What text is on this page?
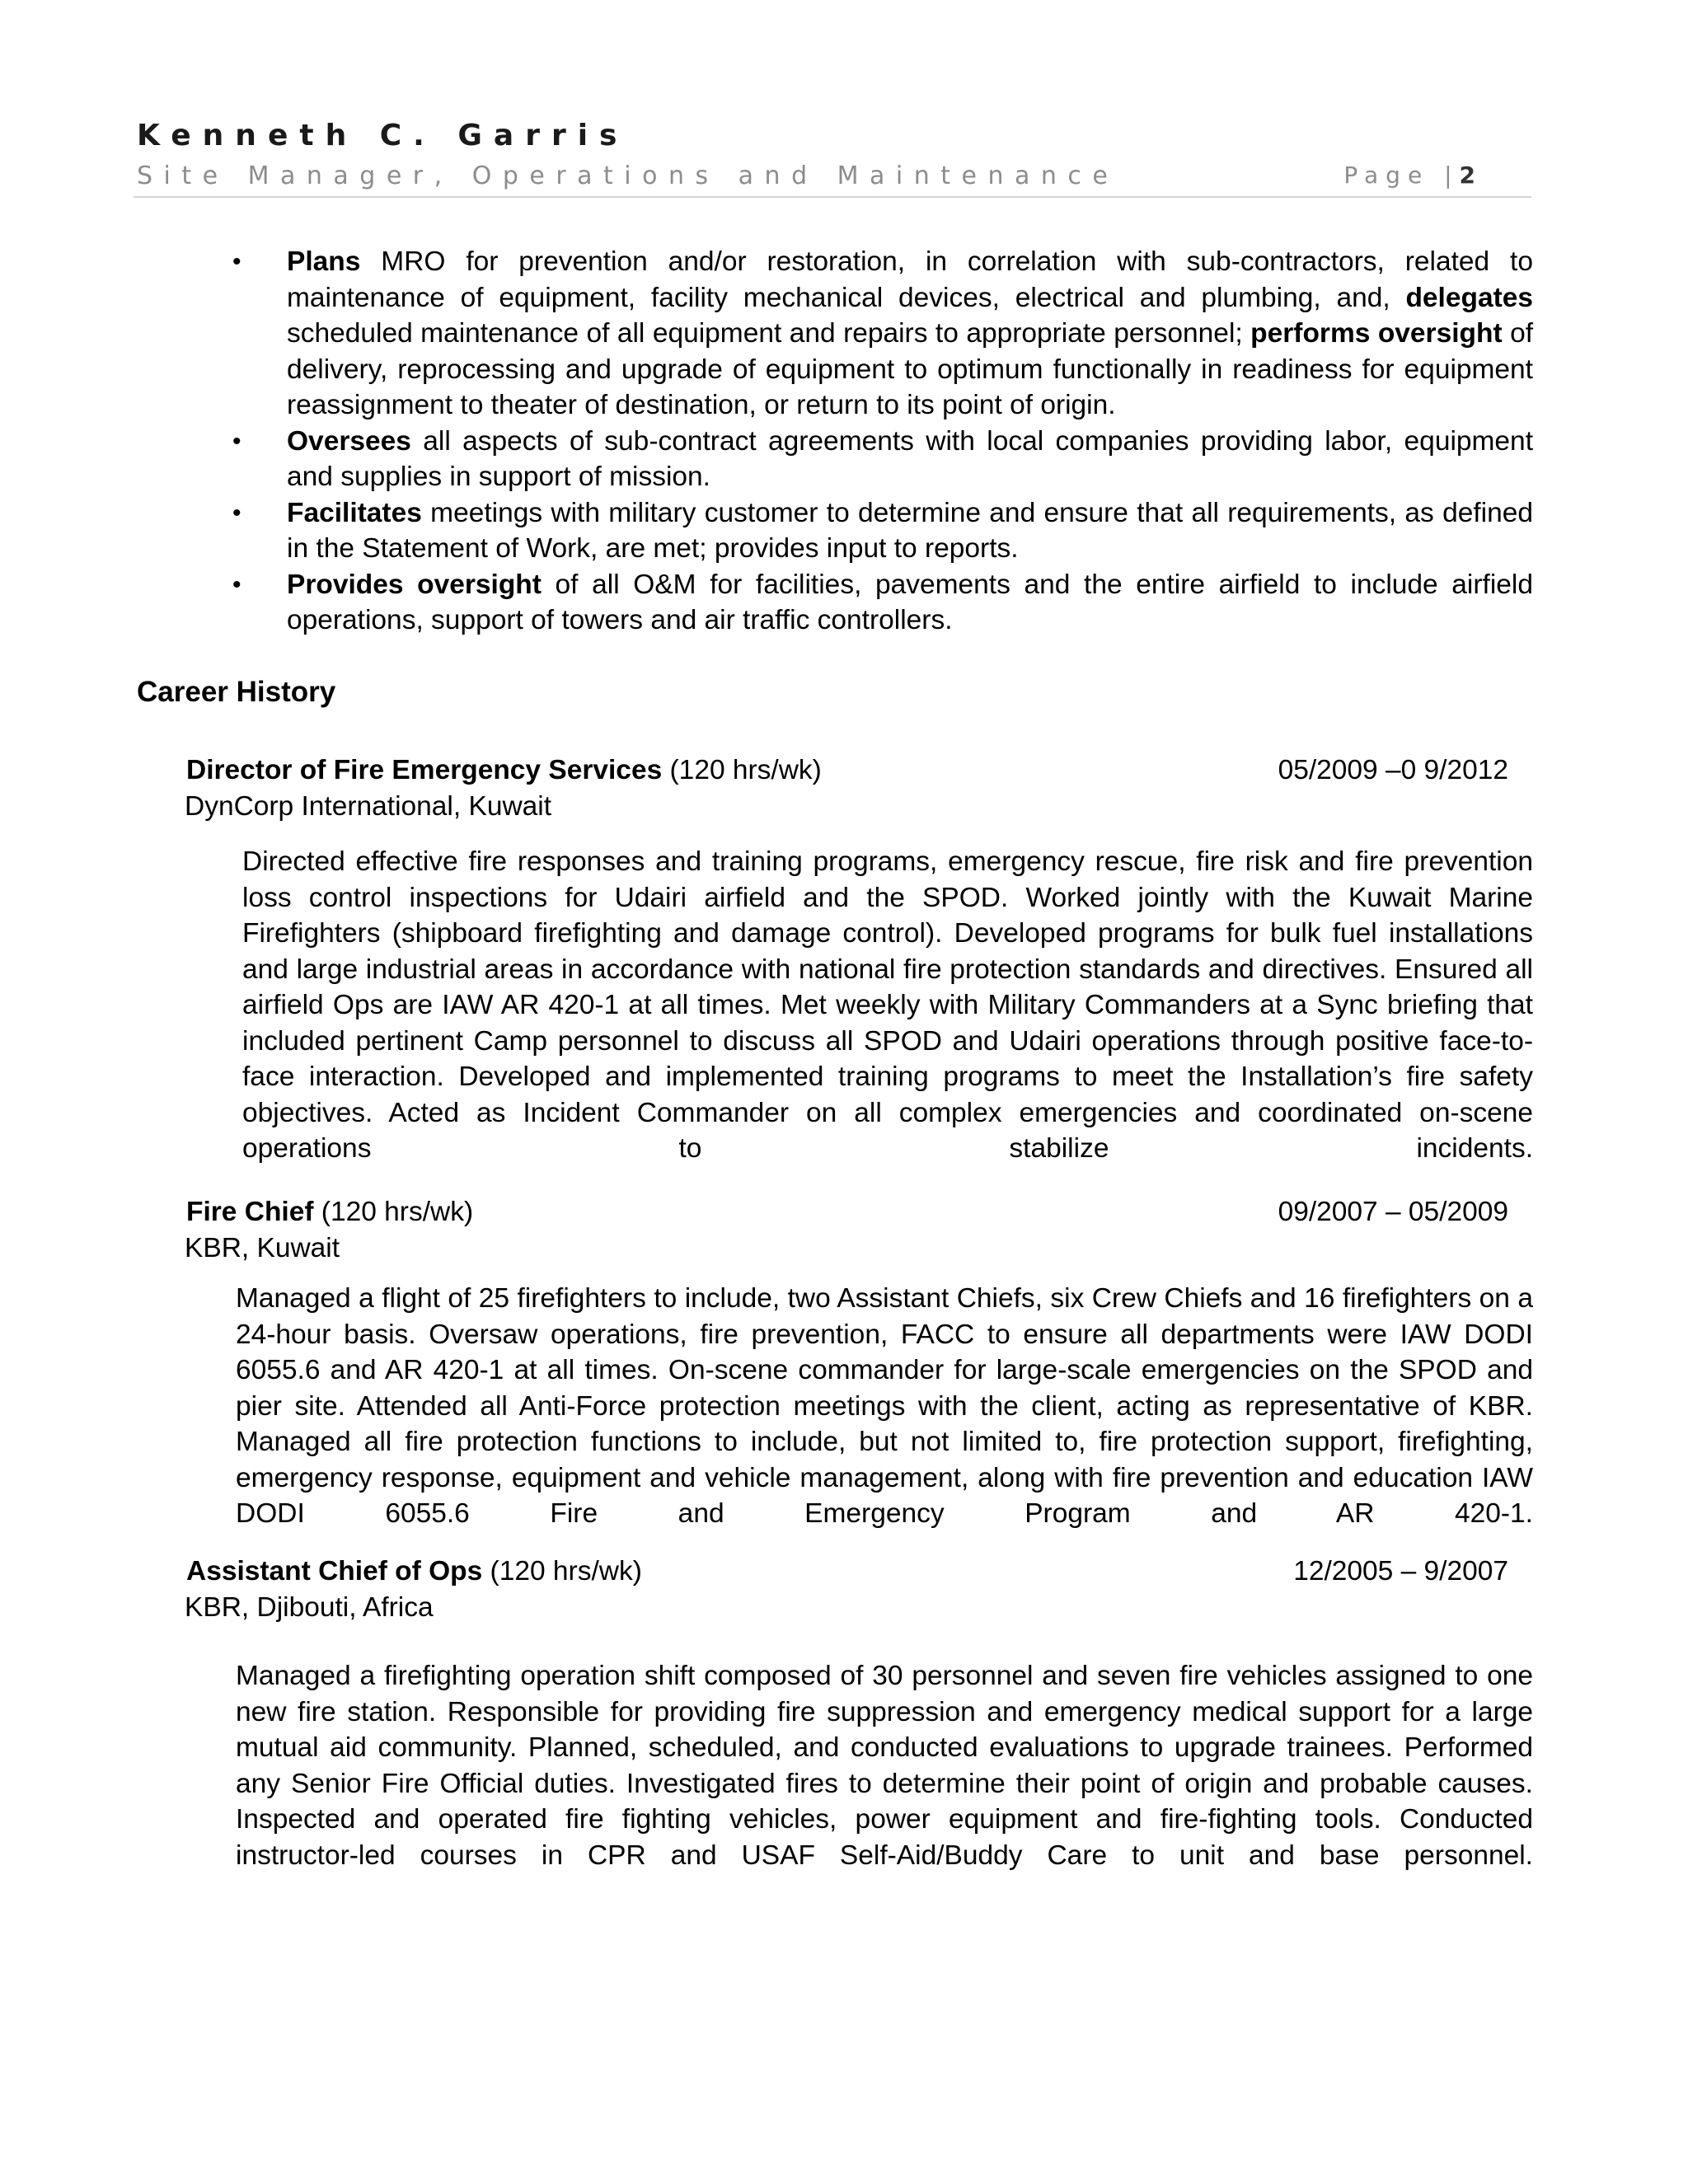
Kenneth C. Garris
Site Manager, Operations and Maintenance	Page |2
• Plans MRO for prevention and/or restoration, in correlation with sub-contractors, related to maintenance of equipment, facility mechanical devices, electrical and plumbing, and, delegates scheduled maintenance of all equipment and repairs to appropriate personnel; performs oversight of delivery, reprocessing and upgrade of equipment to optimum functionally in readiness for equipment reassignment to theater of destination, or return to its point of origin.
• Oversees all aspects of sub-contract agreements with local companies providing labor, equipment and supplies in support of mission.
• Facilitates meetings with military customer to determine and ensure that all requirements, as defined in the Statement of Work, are met; provides input to reports.
• Provides oversight of all O&M for facilities, pavements and the entire airfield to include airfield operations, support of towers and air traffic controllers.
Career History
Director of Fire Emergency Services (120 hrs/wk)	05/2009 –0 9/2012
DynCorp International, Kuwait
Directed effective fire responses and training programs, emergency rescue, fire risk and fire prevention loss control inspections for Udairi airfield and the SPOD. Worked jointly with the Kuwait Marine Firefighters (shipboard firefighting and damage control). Developed programs for bulk fuel installations and large industrial areas in accordance with national fire protection standards and directives. Ensured all airfield Ops are IAW AR 420-1 at all times. Met weekly with Military Commanders at a Sync briefing that included pertinent Camp personnel to discuss all SPOD and Udairi operations through positive face-to-face interaction. Developed and implemented training programs to meet the Installation’s fire safety objectives. Acted as Incident Commander on all complex emergencies and coordinated on-scene operations to stabilize incidents.
Fire Chief (120 hrs/wk)	09/2007 – 05/2009
KBR, Kuwait
Managed a flight of 25 firefighters to include, two Assistant Chiefs, six Crew Chiefs and 16 firefighters on a 24-hour basis. Oversaw operations, fire prevention, FACC to ensure all departments were IAW DODI 6055.6 and AR 420-1 at all times. On-scene commander for large-scale emergencies on the SPOD and pier site. Attended all Anti-Force protection meetings with the client, acting as representative of KBR. Managed all fire protection functions to include, but not limited to, fire protection support, firefighting, emergency response, equipment and vehicle management, along with fire prevention and education IAW DODI 6055.6 Fire and Emergency Program and AR 420-1.
Assistant Chief of Ops (120 hrs/wk)	12/2005 – 9/2007
KBR, Djibouti, Africa
Managed a firefighting operation shift composed of 30 personnel and seven fire vehicles assigned to one new fire station. Responsible for providing fire suppression and emergency medical support for a large mutual aid community. Planned, scheduled, and conducted evaluations to upgrade trainees. Performed any Senior Fire Official duties. Investigated fires to determine their point of origin and probable causes. Inspected and operated fire fighting vehicles, power equipment and fire-fighting tools. Conducted instructor-led courses in CPR and USAF Self-Aid/Buddy Care to unit and base personnel.
